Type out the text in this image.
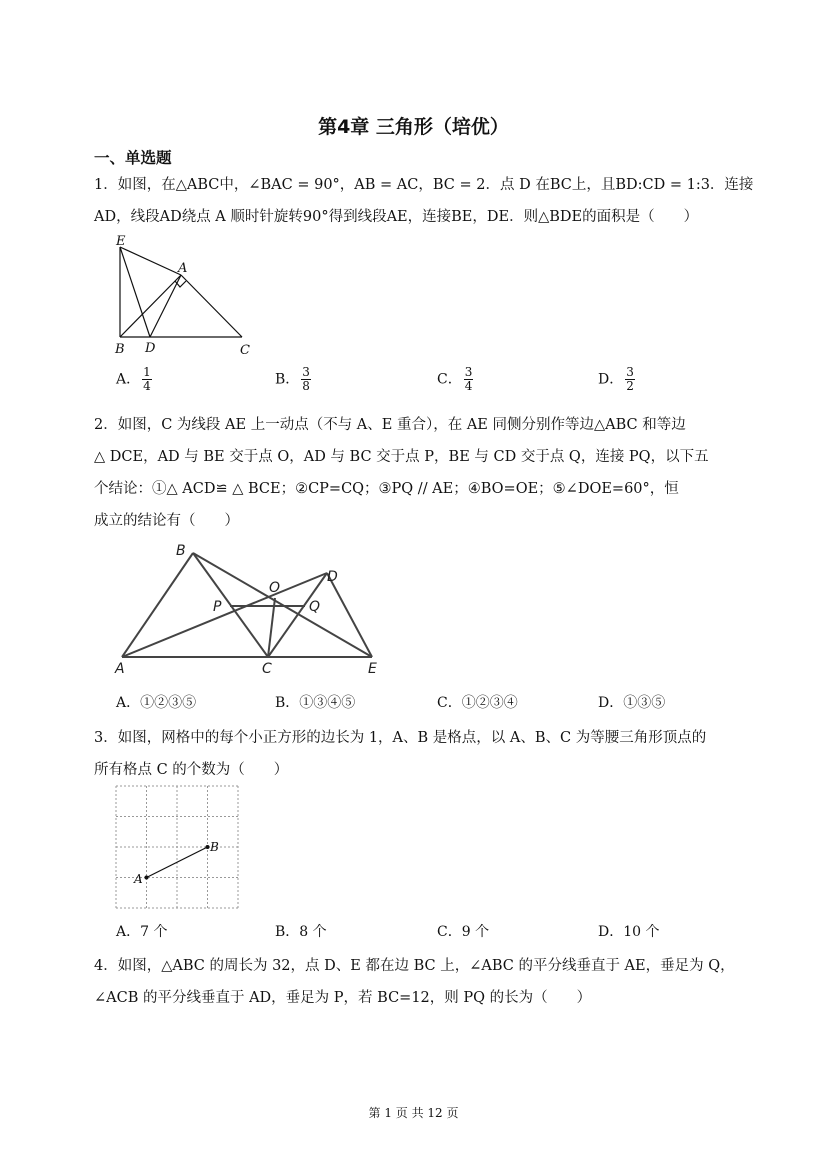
第4章 三角形（培优）
一、单选题
1．如图，在△ABC中，∠BAC = 90°，AB = AC，BC = 2．点 D 在BC上，且BD:CD = 1:3．连接
AD，线段AD绕点 A 顺时针旋转90°得到线段AE，连接BE，DE．则△BDE的面积是（　　）
E
A
B D	C
B
O
D
P	Q
A	C	E
A
B
A． $\frac{1}{4}$	B． $\frac{3}{8}$	C． $\frac{3}{4}$	D． $\frac{3}{2}$
2．如图，C 为线段 AE 上一动点（不与 A、E 重合），在 AE 同侧分别作等边△ABC 和等边
△ DCE，AD 与 BE 交于点 O，AD 与 BC 交于点 P，BE 与 CD 交于点 Q，连接 PQ，以下五
个结论：①△ ACD≌ △ BCE；②CP=CQ；③PQ // AE；④BO=OE；⑤∠DOE=60°，恒
成立的结论有（　　）
A．①②③⑤	B．①③④⑤	C．①②③④	D．①③⑤
3．如图，网格中的每个小正方形的边长为 1，A、B 是格点，以 A、B、C 为等腰三角形顶点的
所有格点 C 的个数为（　　）
A．7 个	B．8 个	C．9 个	D．10 个
4．如图，△ABC 的周长为 32，点 D、E 都在边 BC 上，∠ABC 的平分线垂直于 AE，垂足为 Q，
∠ACB 的平分线垂直于 AD，垂足为 P，若 BC=12，则 PQ 的长为（　　）
第 1 页 共 12 页
